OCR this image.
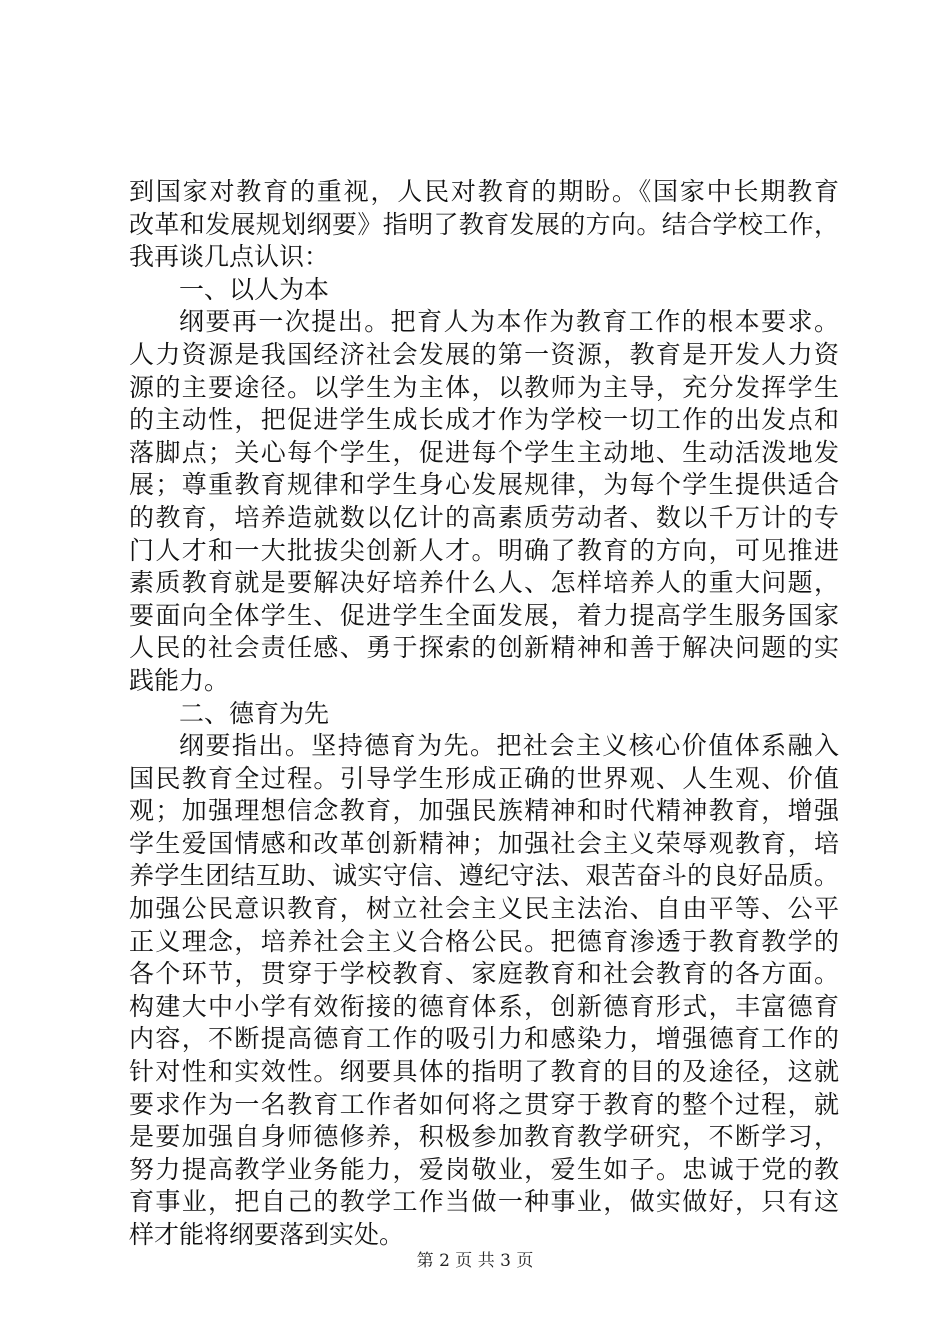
到国家对教育的重视，人民对教育的期盼。《国家中长期教育
改革和发展规划纲要》指明了教育发展的方向。结合学校工作，
我再谈几点认识：
一、以人为本
纲要再一次提出。把育人为本作为教育工作的根本要求。
人力资源是我国经济社会发展的第一资源，教育是开发人力资
源的主要途径。以学生为主体，以教师为主导，充分发挥学生
的主动性，把促进学生成长成才作为学校一切工作的出发点和
落脚点；关心每个学生，促进每个学生主动地、生动活泼地发
展；尊重教育规律和学生身心发展规律，为每个学生提供适合
的教育，培养造就数以亿计的高素质劳动者、数以千万计的专
门人才和一大批拔尖创新人才。明确了教育的方向，可见推进
素质教育就是要解决好培养什么人、怎样培养人的重大问题，
要面向全体学生、促进学生全面发展，着力提高学生服务国家
人民的社会责任感、勇于探索的创新精神和善于解决问题的实
践能力。
二、德育为先
纲要指出。坚持德育为先。把社会主义核心价值体系融入
国民教育全过程。引导学生形成正确的世界观、人生观、价值
观；加强理想信念教育，加强民族精神和时代精神教育，增强
学生爱国情感和改革创新精神；加强社会主义荣辱观教育，培
养学生团结互助、诚实守信、遵纪守法、艰苦奋斗的良好品质。
加强公民意识教育，树立社会主义民主法治、自由平等、公平
正义理念，培养社会主义合格公民。把德育渗透于教育教学的
各个环节，贯穿于学校教育、家庭教育和社会教育的各方面。
构建大中小学有效衔接的德育体系，创新德育形式，丰富德育
内容，不断提高德育工作的吸引力和感染力，增强德育工作的
针对性和实效性。纲要具体的指明了教育的目的及途径，这就
要求作为一名教育工作者如何将之贯穿于教育的整个过程，就
是要加强自身师德修养，积极参加教育教学研究，不断学习，
努力提高教学业务能力，爱岗敬业，爱生如子。忠诚于党的教
育事业，把自己的教学工作当做一种事业，做实做好，只有这
样才能将纲要落到实处。
第 2 页 共 3 页
